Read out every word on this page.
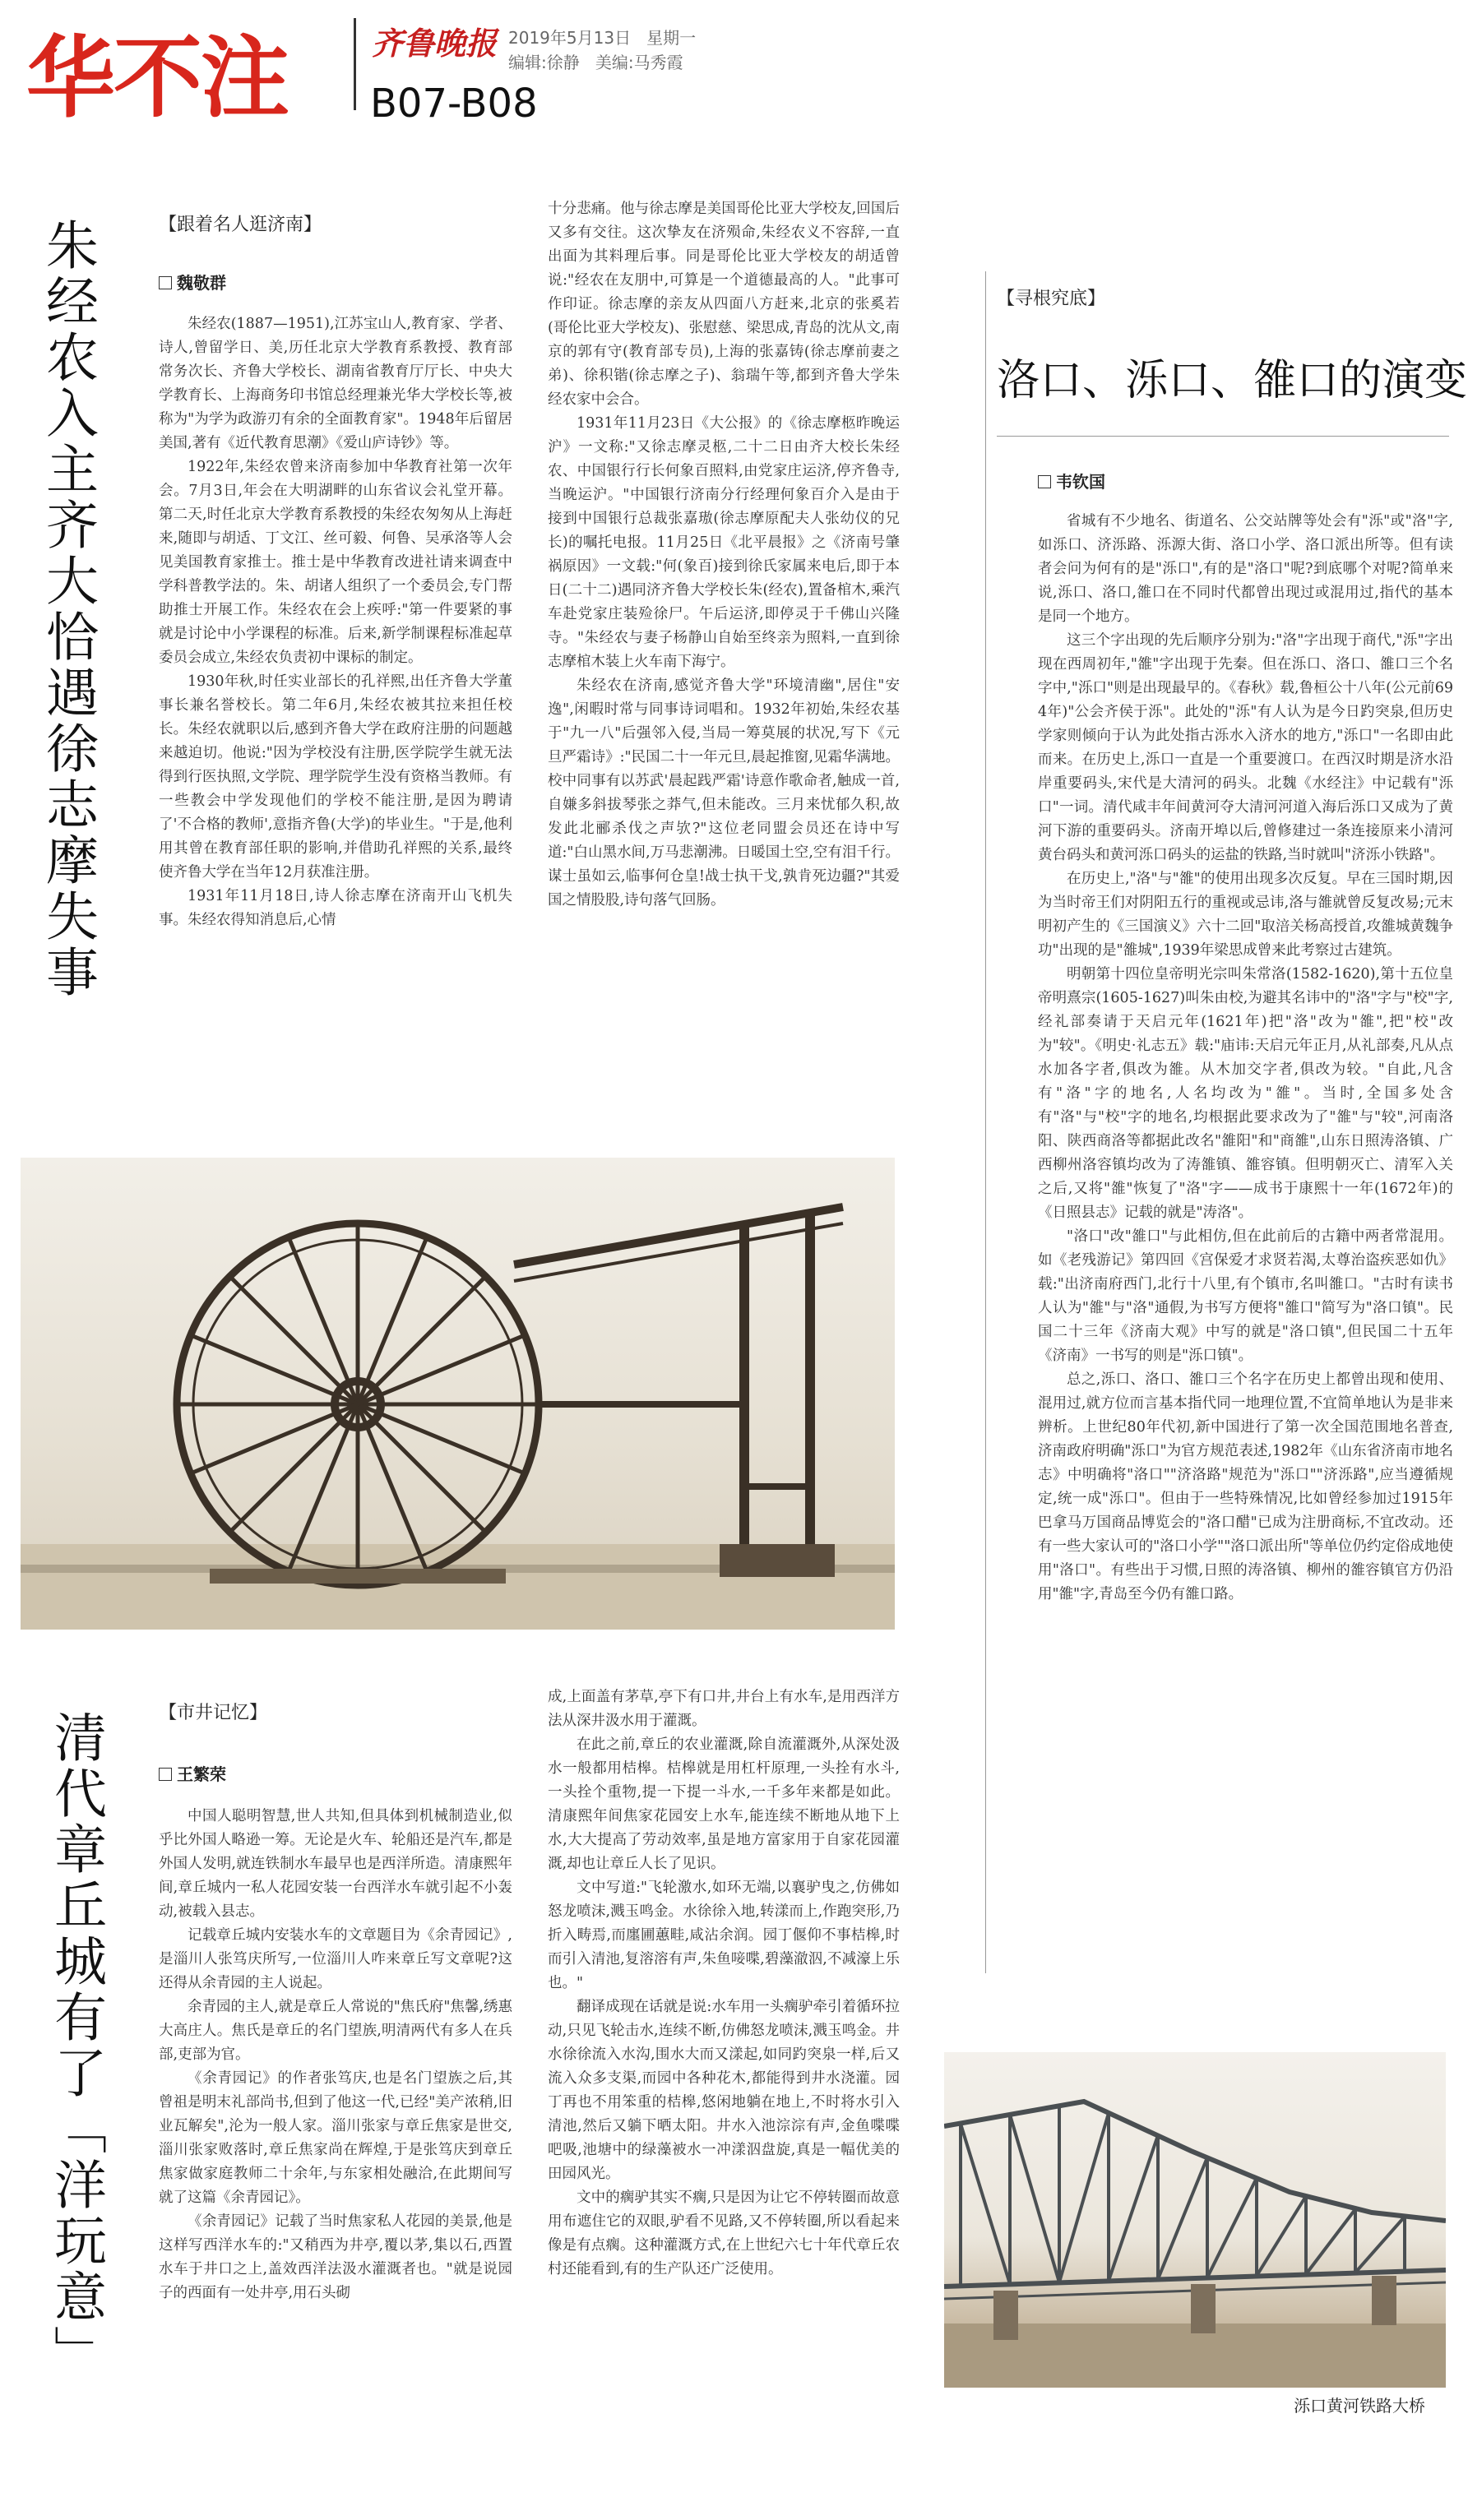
华不注	齐鲁晚报 2019年5月13日 星期一
编辑:徐静 美编:马秀霞
B07-B08
朱经农入主齐大恰遇徐志摩失事	【跟着名人逛济南】
魏敬群

朱经农(1887—1951),江苏宝山人,教育家、学者、诗人,曾留学日、美,历任北京大学教育系教授、教育部常务次长、齐鲁大学校长、湖南省教育厅厅长、中央大学教育长、上海商务印书馆总经理兼光华大学校长等,被称为"为学为政游刃有余的全面教育家"。1948年后留居美国,著有《近代教育思潮》《爱山庐诗钞》等。

1922年,朱经农曾来济南参加中华教育社第一次年会。7月3日,年会在大明湖畔的山东省议会礼堂开幕。第二天,时任北京大学教育系教授的朱经农匆匆从上海赶来,随即与胡适、丁文江、丝可毅、何鲁、吴承洛等人会见美国教育家推士。推士是中华教育改进社请来调查中学科普教学法的。朱、胡诸人组织了一个委员会,专门帮助推士开展工作。朱经农在会上疾呼:"第一件要紧的事就是讨论中小学课程的标准。后来,新学制课程标准起草委员会成立,朱经农负责初中课标的制定。

1930年秋,时任实业部长的孔祥熙,出任齐鲁大学董事长兼名誉校长。第二年6月,朱经农被其拉来担任校长。朱经农就职以后,感到齐鲁大学在政府注册的问题越来越迫切。他说:"因为学校没有注册,医学院学生就无法得到行医执照,文学院、理学院学生没有资格当教师。有一些教会中学发现他们的学校不能注册,是因为聘请了'不合格的教师',意指齐鲁(大学)的毕业生。"于是,他利用其曾在教育部任职的影响,并借助孔祥熙的关系,最终使齐鲁大学在当年12月获准注册。

1931年11月18日,诗人徐志摩在济南开山飞机失事。朱经农得知消息后,心情

十分悲痛。他与徐志摩是美国哥伦比亚大学校友,回国后又多有交往。这次挚友在济殒命,朱经农义不容辞,一直出面为其料理后事。同是哥伦比亚大学校友的胡适曾说:"经农在友朋中,可算是一个道德最高的人。"此事可作印证。徐志摩的亲友从四面八方赶来,北京的张奚若(哥伦比亚大学校友)、张慰慈、梁思成,青岛的沈从文,南京的郭有守(教育部专员),上海的张嘉铸(徐志摩前妻之弟)、徐积锴(徐志摩之子)、翁瑞午等,都到齐鲁大学朱经农家中会合。

1931年11月23日《大公报》的《徐志摩柩昨晚运沪》一文称:"又徐志摩灵柩,二十二日由齐大校长朱经农、中国银行行长何象百照料,由党家庄运济,停齐鲁寺,当晚运沪。"中国银行济南分行经理何象百介入是由于接到中国银行总裁张嘉璈(徐志摩原配夫人张幼仪的兄长)的嘱托电报。11月25日《北平晨报》之《济南号肇祸原因》一文载:"何(象百)接到徐氏家属来电后,即于本日(二十二)遇同济齐鲁大学校长朱(经农),置备棺木,乘汽车赴党家庄装殓徐尸。午后运济,即停灵于千佛山兴隆寺。"朱经农与妻子杨静山自始至终亲为照料,一直到徐志摩棺木装上火车南下海宁。

朱经农在济南,感觉齐鲁大学"环境清幽",居住"安逸",闲暇时常与同事诗词唱和。1932年初始,朱经农基于"九一八"后强邻入侵,当局一筹莫展的状况,写下《元旦严霜诗》:"民国二十一年元旦,晨起推窗,见霜华满地。校中同事有以苏武'晨起践严霜'诗意作歌命者,触成一首,自嫌多斜拔琴张之莽气,但未能改。三月来忧郁久积,故发此北郦杀伐之声欤?"这位老同盟会员还在诗中写道:"白山黑水间,万马悲潮沸。日暖国土空,空有泪千行。谋士虽如云,临事何仓皇!战士执干戈,孰肯死边疆?"其爱国之情股股,诗句落气回肠。

【寻根究底】
洛口、泺口、雒口的演变
韦钦国

省城有不少地名、街道名、公交站牌等处会有"泺"或"洛"字,如泺口、济泺路、泺源大街、洛口小学、洛口派出所等。但有读者会问为何有的是"泺口",有的是"洛口"呢?到底哪个对呢?简单来说,泺口、洛口,雒口在不同时代都曾出现过或混用过,指代的基本是同一个地方。

这三个字出现的先后顺序分别为:"洛"字出现于商代,"泺"字出现在西周初年,"雒"字出现于先秦。但在泺口、洛口、雒口三个名字中,"泺口"则是出现最早的。《春秋》载,鲁桓公十八年(公元前694年)"公会齐侯于泺"。此处的"泺"有人认为是今日趵突泉,但历史学家则倾向于认为此处指古泺水入济水的地方,"泺口"一名即由此而来。在历史上,泺口一直是一个重要渡口。在西汉时期是济水沿岸重要码头,宋代是大清河的码头。北魏《水经注》中记载有"泺口"一词。清代咸丰年间黄河夺大清河河道入海后泺口又成为了黄河下游的重要码头。济南开埠以后,曾修建过一条连接原来小清河黄台码头和黄河泺口码头的运盐的铁路,当时就叫"济泺小铁路"。

在历史上,"洛"与"雒"的使用出现多次反复。早在三国时期,因为当时帝王们对阴阳五行的重视或忌讳,洛与雒就曾反复改易;元末明初产生的《三国演义》六十二回"取涪关杨高授首,攻雒城黄魏争功"出现的是"雒城",1939年梁思成曾来此考察过古建筑。

明朝第十四位皇帝明光宗叫朱常洛(1582-1620),第十五位皇帝明熹宗(1605-1627)叫朱由校,为避其名讳中的"洛"字与"校"字,经礼部奏请于天启元年(1621年)把"洛"改为"雒",把"校"改为"较"。《明史·礼志五》载:"庙讳:天启元年正月,从礼部奏,凡从点水加各字者,俱改为雒。从木加交字者,俱改为较。"自此,凡含有"洛"字的地名,人名均改为"雒"。当时,全国多处含有"洛"与"校"字的地名,均根据此要求改为了"雒"与"较",河南洛阳、陕西商洛等都据此改名"雒阳"和"商雒",山东日照涛洛镇、广西柳州洛容镇均改为了涛雒镇、雒容镇。但明朝灭亡、清军入关之后,又将"雒"恢复了"洛"字——成书于康熙十一年(1672年)的《日照县志》记载的就是"涛洛"。

"洛口"改"雒口"与此相仿,但在此前后的古籍中两者常混用。如《老残游记》第四回《宫保爱才求贤若渴,太尊治盗疾恶如仇》载:"出济南府西门,北行十八里,有个镇市,名叫雒口。"古时有读书人认为"雒"与"洛"通假,为书写方便将"雒口"简写为"洛口镇"。民国二十三年《济南大观》中写的就是"洛口镇",但民国二十五年《济南》一书写的则是"泺口镇"。

总之,泺口、洛口、雒口三个名字在历史上都曾出现和使用、混用过,就方位而言基本指代同一地理位置,不宜简单地认为是非来辨析。上世纪80年代初,新中国进行了第一次全国范围地名普查,济南政府明确"泺口"为官方规范表述,1982年《山东省济南市地名志》中明确将"洛口""济洛路"规范为"泺口""济泺路",应当遵循规定,统一成"泺口"。但由于一些特殊情况,比如曾经参加过1915年巴拿马万国商品博览会的"洛口醋"已成为注册商标,不宜改动。还有一些大家认可的"洛口小学""洛口派出所"等单位仍约定俗成地使用"洛口"。有些出于习惯,日照的涛洛镇、柳州的雒容镇官方仍沿用"雒"字,青岛至今仍有雒口路。

泺口黄河铁路大桥
清代章丘城有了「洋玩意」	【市井记忆】
王繁荣

中国人聪明智慧,世人共知,但具体到机械制造业,似乎比外国人略逊一筹。无论是火车、轮船还是汽车,都是外国人发明,就连铁制水车最早也是西洋所造。清康熙年间,章丘城内一私人花园安装一台西洋水车就引起不小轰动,被载入县志。

记载章丘城内安装水车的文章题目为《余青园记》,是淄川人张笃庆所写,一位淄川人咋来章丘写文章呢?这还得从余青园的主人说起。

余青园的主人,就是章丘人常说的"焦氏府"焦馨,绣惠大高庄人。焦氏是章丘的名门望族,明清两代有多人在兵部,吏部为官。

《余青园记》的作者张笃庆,也是名门望族之后,其曾祖是明末礼部尚书,但到了他这一代,已经"美产浓稍,旧业瓦解矣",沦为一般人家。淄川张家与章丘焦家是世交,淄川张家败落时,章丘焦家尚在辉煌,于是张笃庆到章丘焦家做家庭教师二十余年,与东家相处融洽,在此期间写就了这篇《余青园记》。

《余青园记》记载了当时焦家私人花园的美景,他是这样写西洋水车的:"又稍西为井亭,覆以茅,集以石,西置水车于井口之上,盖效西洋法汲水灌溉者也。"就是说园子的西面有一处井亭,用石头砌

成,上面盖有茅草,亭下有口井,井台上有水车,是用西洋方法从深井汲水用于灌溉。

在此之前,章丘的农业灌溉,除自流灌溉外,从深处汲水一般都用桔槔。桔槔就是用杠杆原理,一头拴有水斗,一头拴个重物,提一下提一斗水,一千多年来都是如此。清康熙年间焦家花园安上水车,能连续不断地从地下上水,大大提高了劳动效率,虽是地方富家用于自家花园灌溉,却也让章丘人长了见识。

文中写道:"飞轮激水,如环无端,以襄驴曳之,仿佛如怒龙喷沫,溅玉鸣金。水徐徐入地,转漾而上,作跑突形,乃折入畴焉,而廛圃蕙畦,咸沾余润。园丁偃仰不事桔槔,时而引入清池,复溶溶有声,朱鱼唼喋,碧藻澈泅,不减濠上乐也。"

翻译成现在话就是说:水车用一头瘸驴牵引着循环拉动,只见飞轮击水,连续不断,仿佛怒龙喷沫,溅玉鸣金。井水徐徐流入水沟,围水大而又漾起,如同趵突泉一样,后又流入众多支渠,而园中各种花木,都能得到井水浇灌。园丁再也不用笨重的桔槔,悠闲地躺在地上,不时将水引入清池,然后又躺下晒太阳。井水入池淙淙有声,金鱼喋喋吧吸,池塘中的绿藻被水一冲漾泅盘旋,真是一幅优美的田园风光。

文中的瘸驴其实不瘸,只是因为让它不停转圈而故意用布遮住它的双眼,驴看不见路,又不停转圈,所以看起来像是有点瘸。这种灌溉方式,在上世纪六七十年代章丘农村还能看到,有的生产队还广泛使用。
